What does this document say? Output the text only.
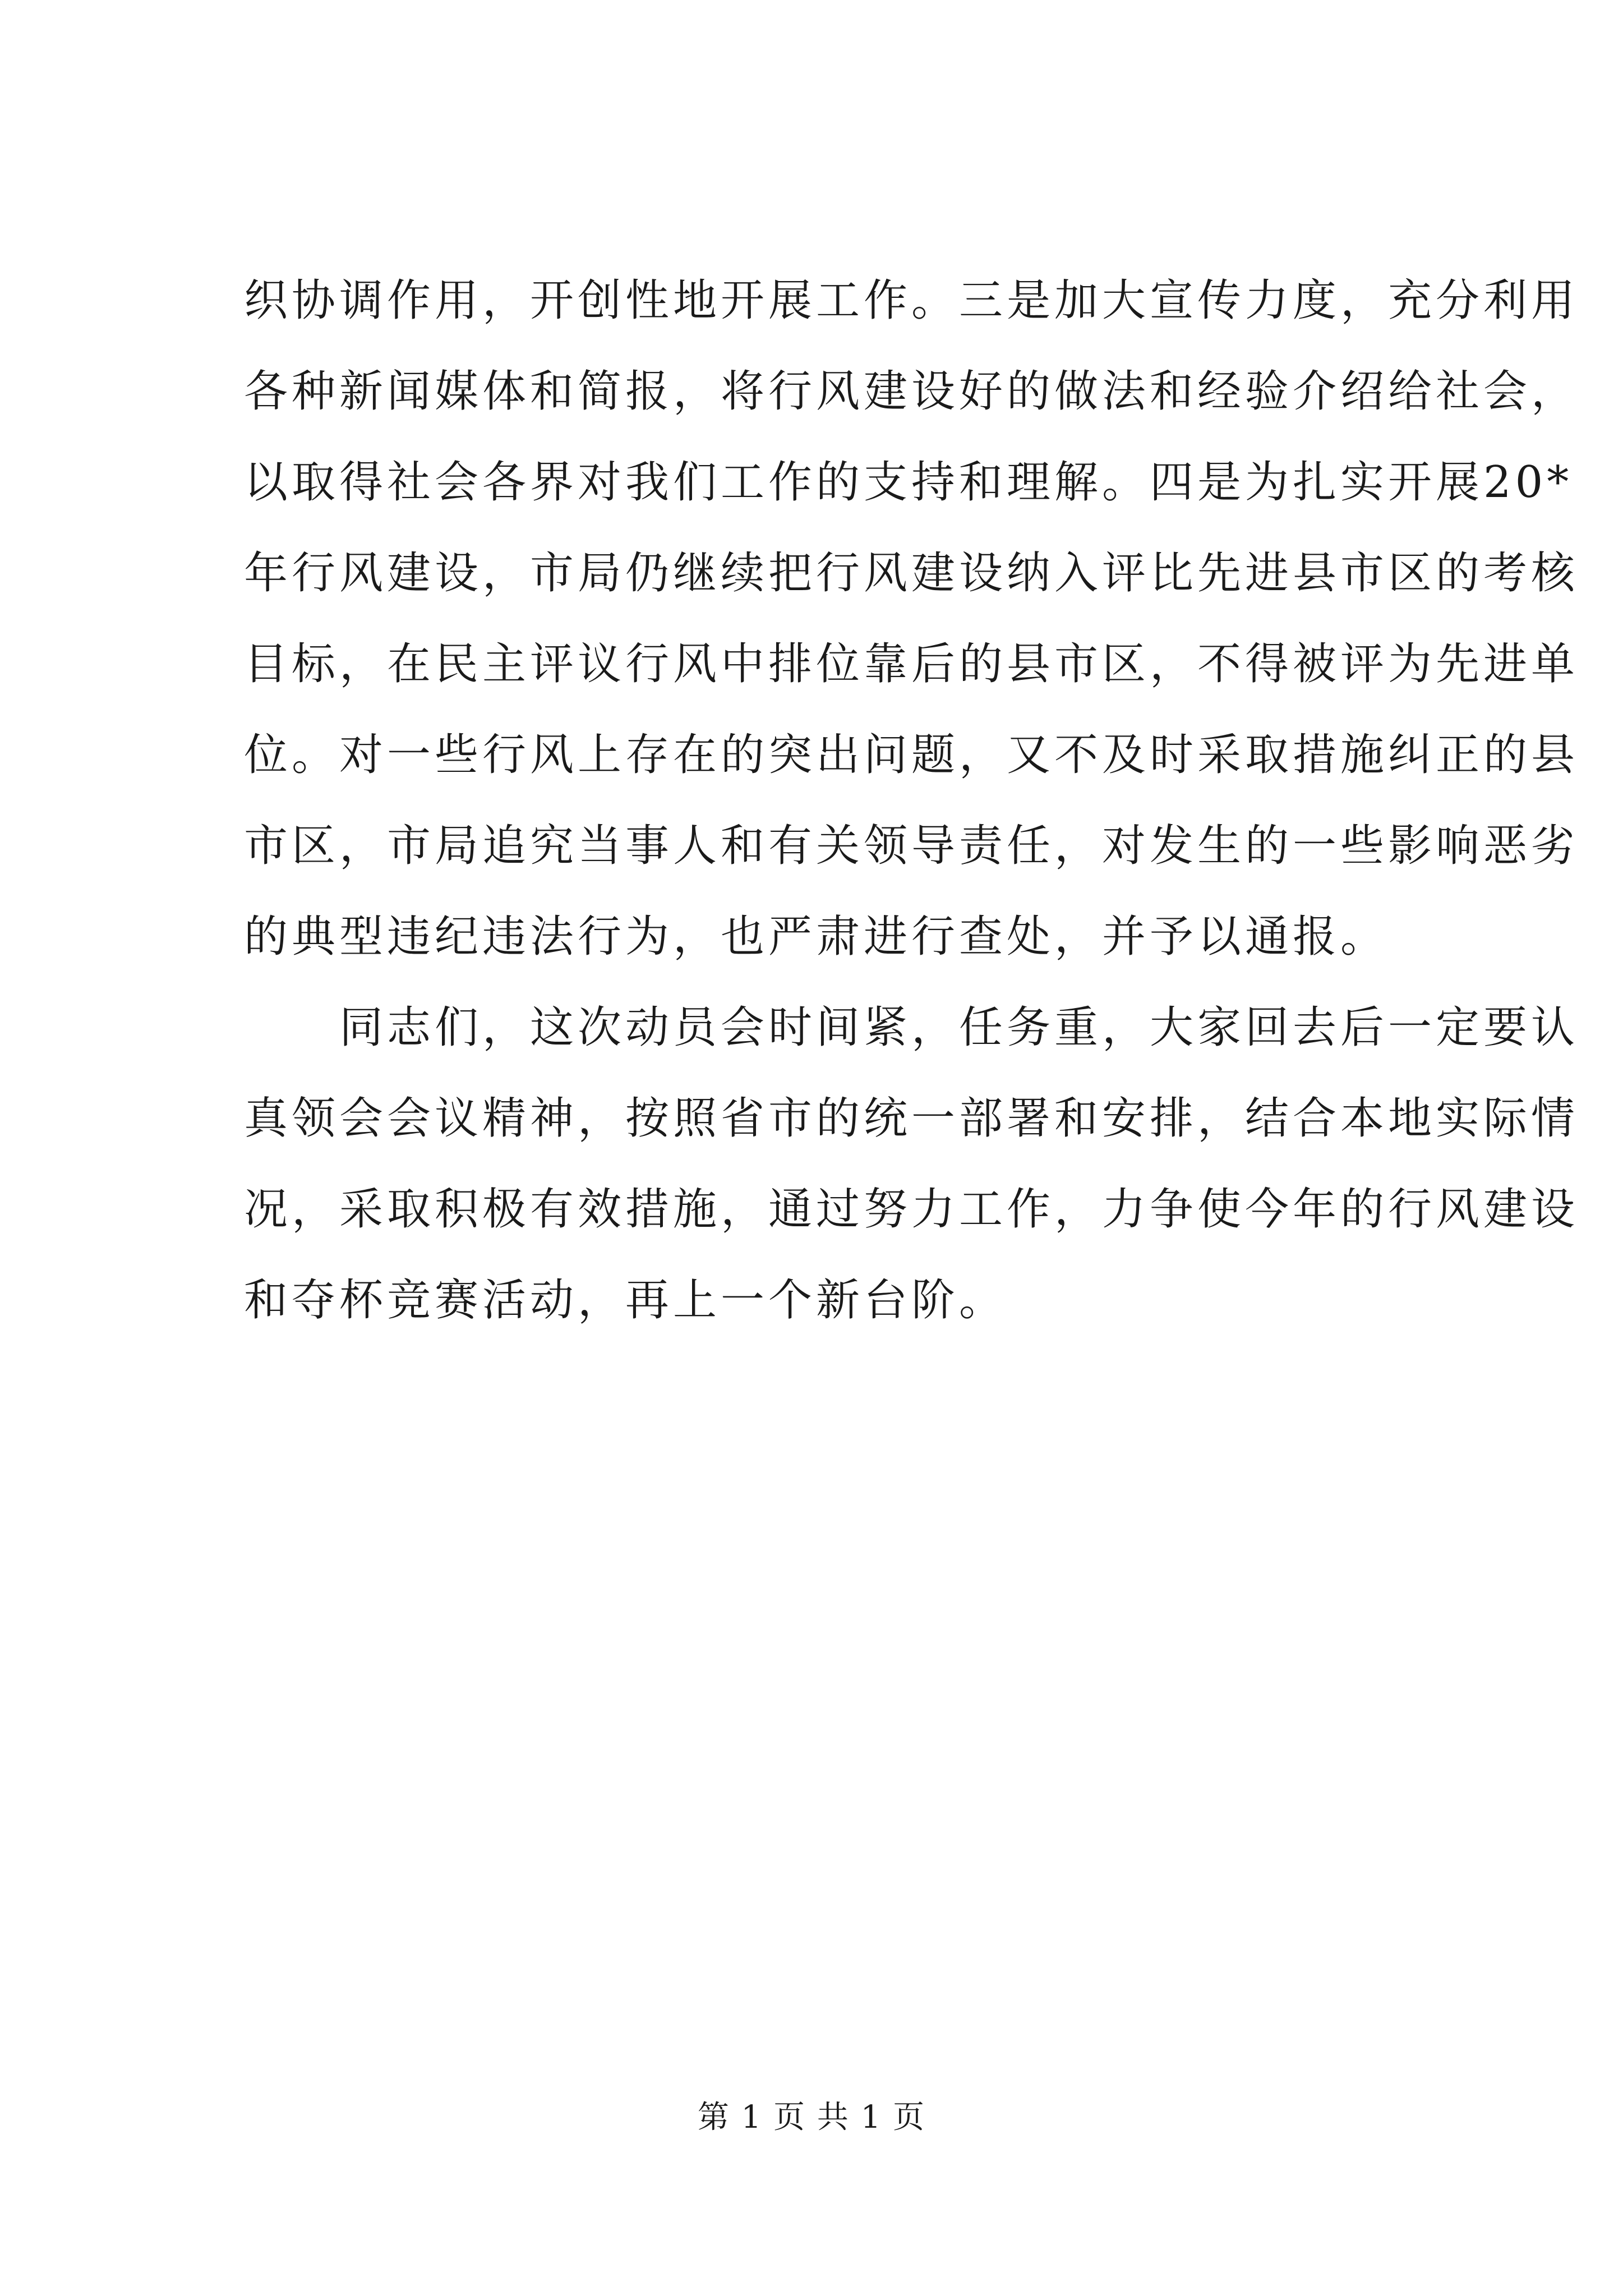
织协调作用，开创性地开展工作。三是加大宣传力度，充分利用
各种新闻媒体和简报，将行风建设好的做法和经验介绍给社会，
以取得社会各界对我们工作的支持和理解。四是为扎实开展20*
年行风建设，市局仍继续把行风建设纳入评比先进县市区的考核
目标，在民主评议行风中排位靠后的县市区，不得被评为先进单
位。对一些行风上存在的突出问题，又不及时采取措施纠正的县
市区，市局追究当事人和有关领导责任，对发生的一些影响恶劣
的典型违纪违法行为，也严肃进行查处，并予以通报。
　　同志们，这次动员会时间紧，任务重，大家回去后一定要认
真领会会议精神，按照省市的统一部署和安排，结合本地实际情
况，采取积极有效措施，通过努力工作，力争使今年的行风建设
和夺杯竞赛活动，再上一个新台阶。
第 1 页 共 1 页
